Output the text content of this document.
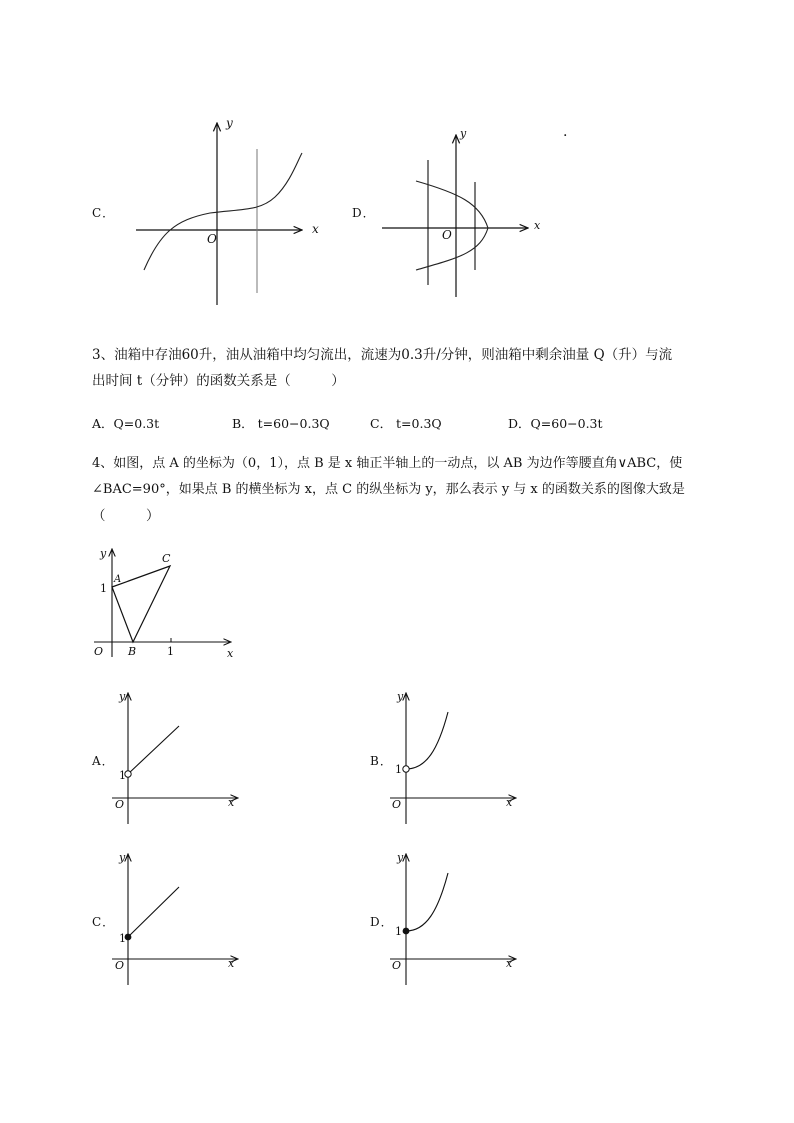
C．	D．
.
y
x
O
y
x
O
3、油箱中存油60升，油从油箱中均匀流出，流速为0.3升/分钟，则油箱中剩余油量 Q（升）与流
出时间 t（分钟）的函数关系是（　　　）
A．Q=0.3t	B． t=60−0.3Q	C． t=0.3Q	D．Q=60−0.3t
4、如图，点 A 的坐标为（0，1），点 B 是 x 轴正半轴上的一动点，以 AB 为边作等腰直角∨ABC，使
∠BAC=90°，如果点 B 的横坐标为 x，点 C 的纵坐标为 y，那么表示 y 与 x 的函数关系的图像大致是
（　　　）
y
1
A
C
O B	1	x
A．
y
1
O	x
B．
y
1
O	x
C．
y
1
O	x
D．
y
1
O	x
